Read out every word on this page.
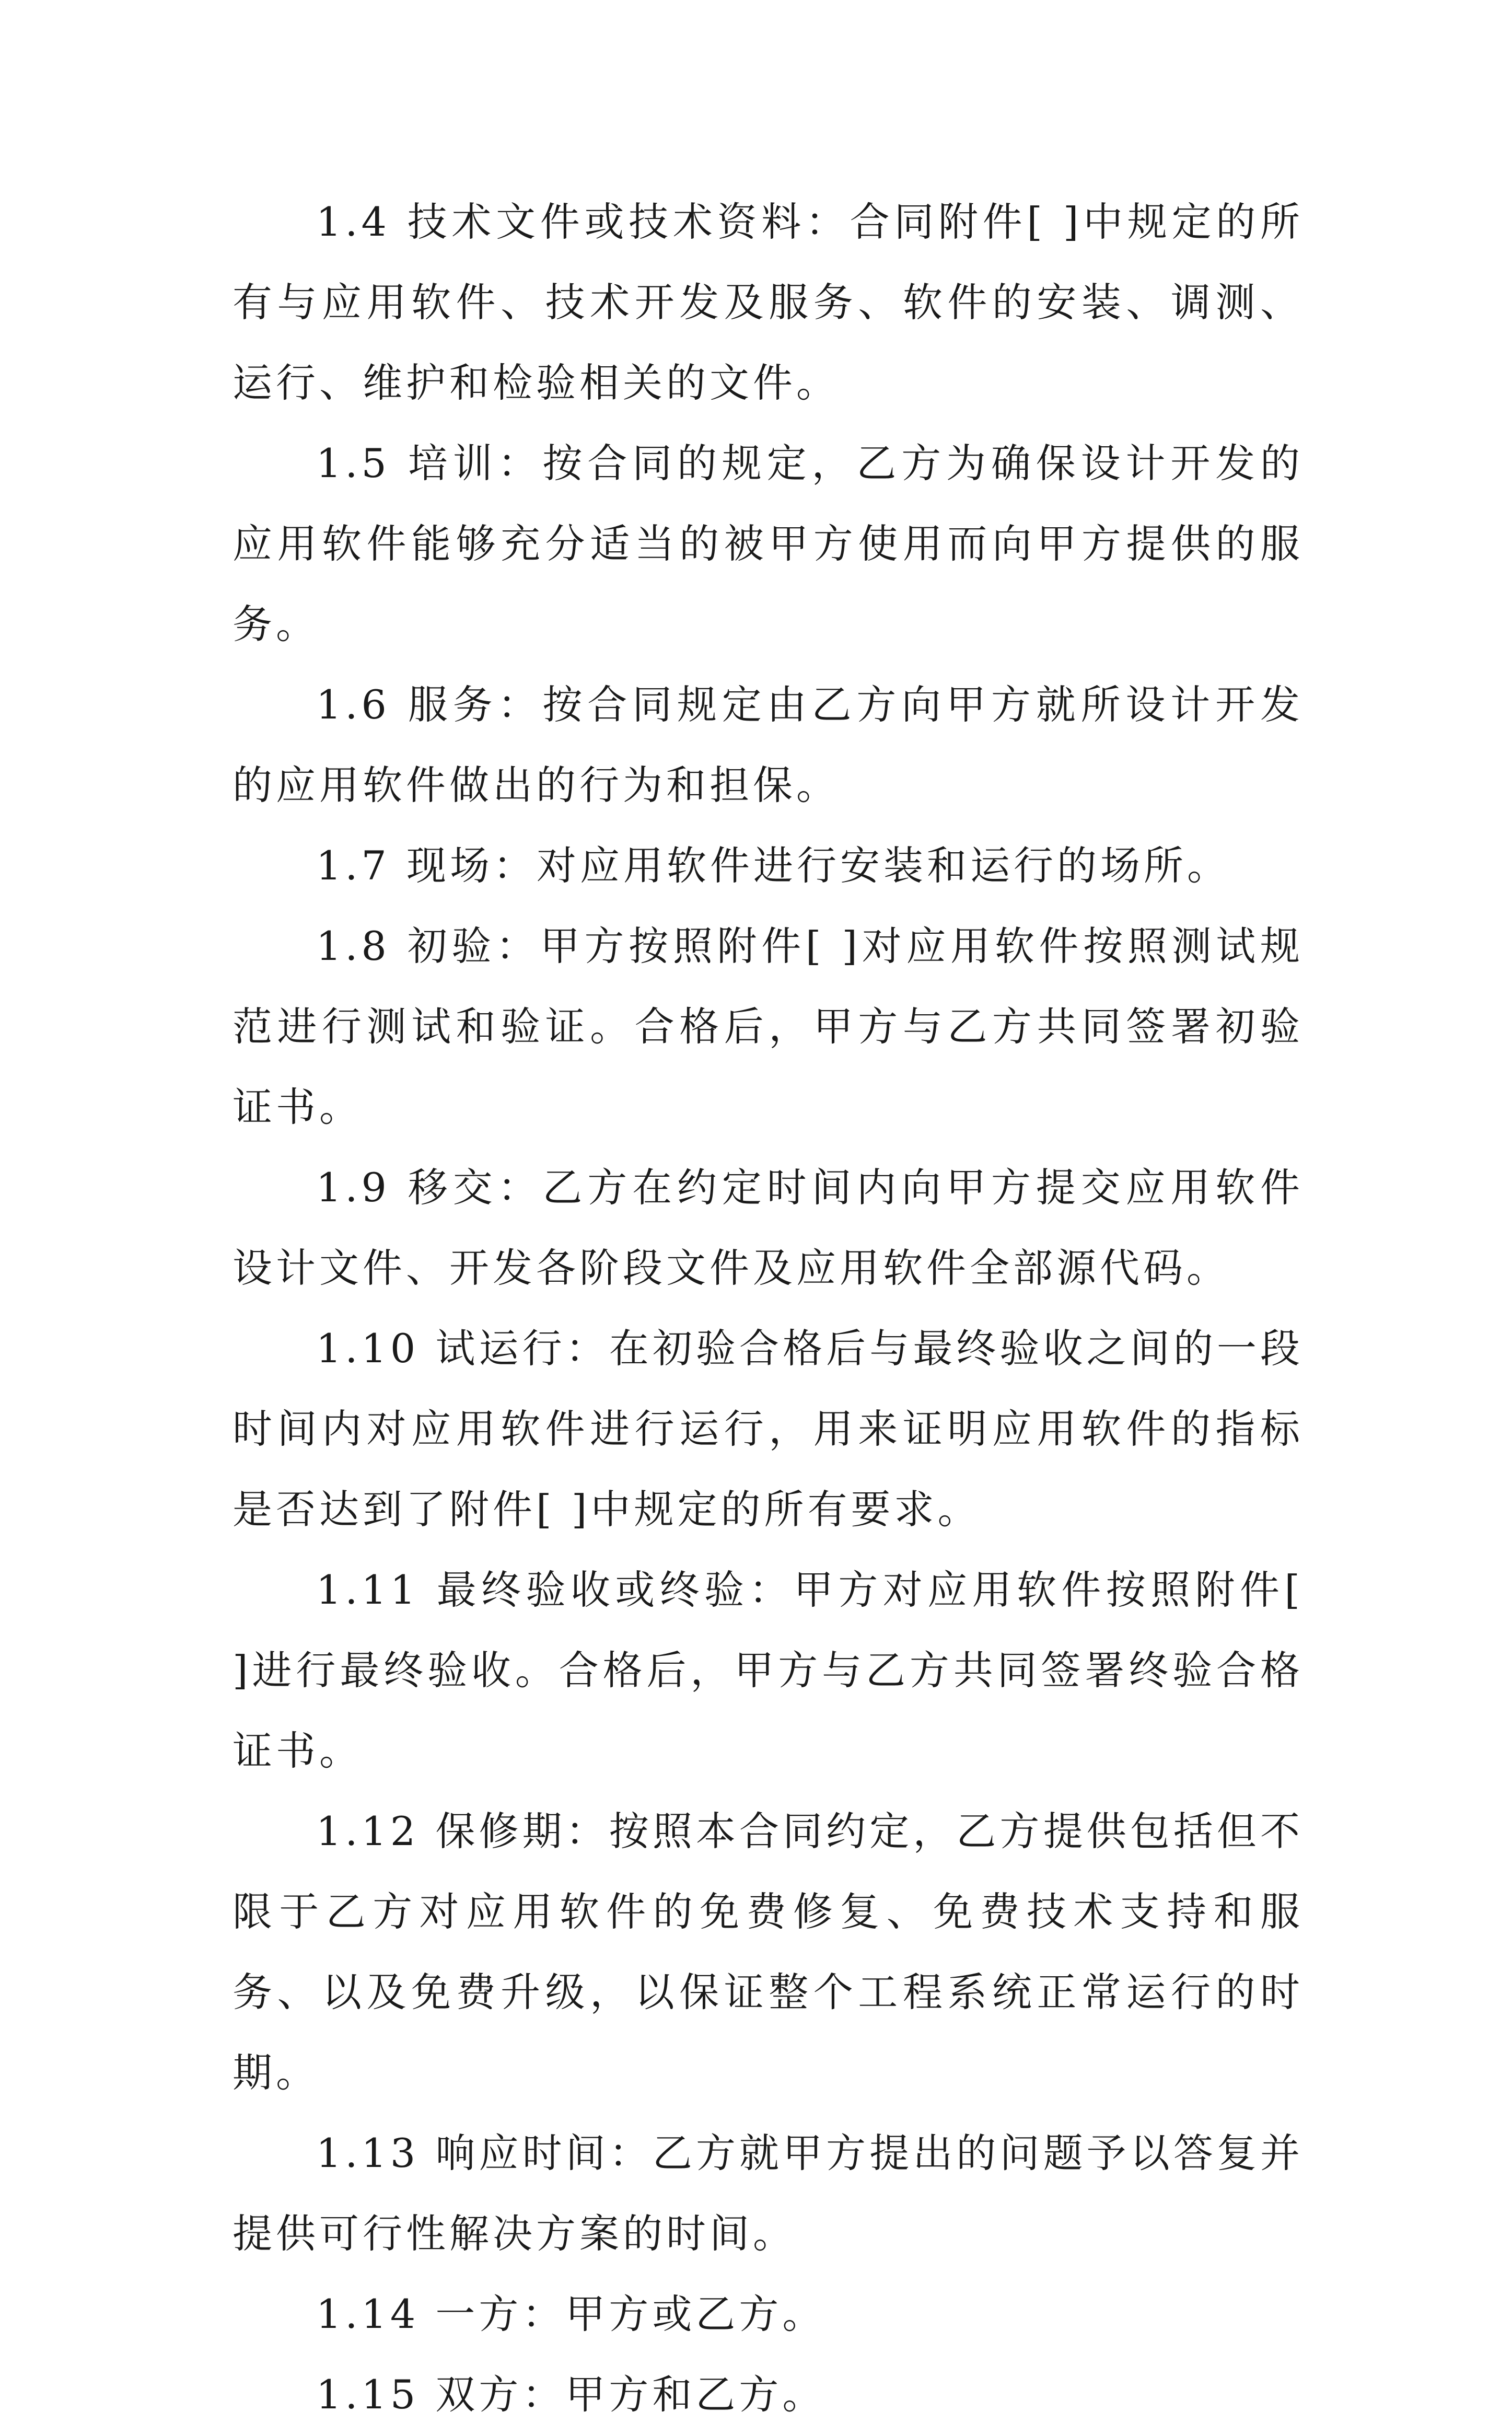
1.4 技术文件或技术资料：合同附件[ ]中规定的所有与应用软件、技术开发及服务、软件的安装、调测、运行、维护和检验相关的文件。

1.5 培训：按合同的规定，乙方为确保设计开发的应用软件能够充分适当的被甲方使用而向甲方提供的服务。

1.6 服务：按合同规定由乙方向甲方就所设计开发的应用软件做出的行为和担保。

1.7 现场：对应用软件进行安装和运行的场所。

1.8 初验：甲方按照附件[ ]对应用软件按照测试规范进行测试和验证。合格后，甲方与乙方共同签署初验证书。

1.9 移交：乙方在约定时间内向甲方提交应用软件设计文件、开发各阶段文件及应用软件全部源代码。

1.10 试运行：在初验合格后与最终验收之间的一段时间内对应用软件进行运行，用来证明应用软件的指标是否达到了附件[ ]中规定的所有要求。

1.11 最终验收或终验：甲方对应用软件按照附件[ ]进行最终验收。合格后，甲方与乙方共同签署终验合格证书。

1.12 保修期：按照本合同约定，乙方提供包括但不限于乙方对应用软件的免费修复、免费技术支持和服务、以及免费升级，以保证整个工程系统正常运行的时期。

1.13 响应时间：乙方就甲方提出的问题予以答复并提供可行性解决方案的时间。

1.14 一方：甲方或乙方。

1.15 双方：甲方和乙方。
